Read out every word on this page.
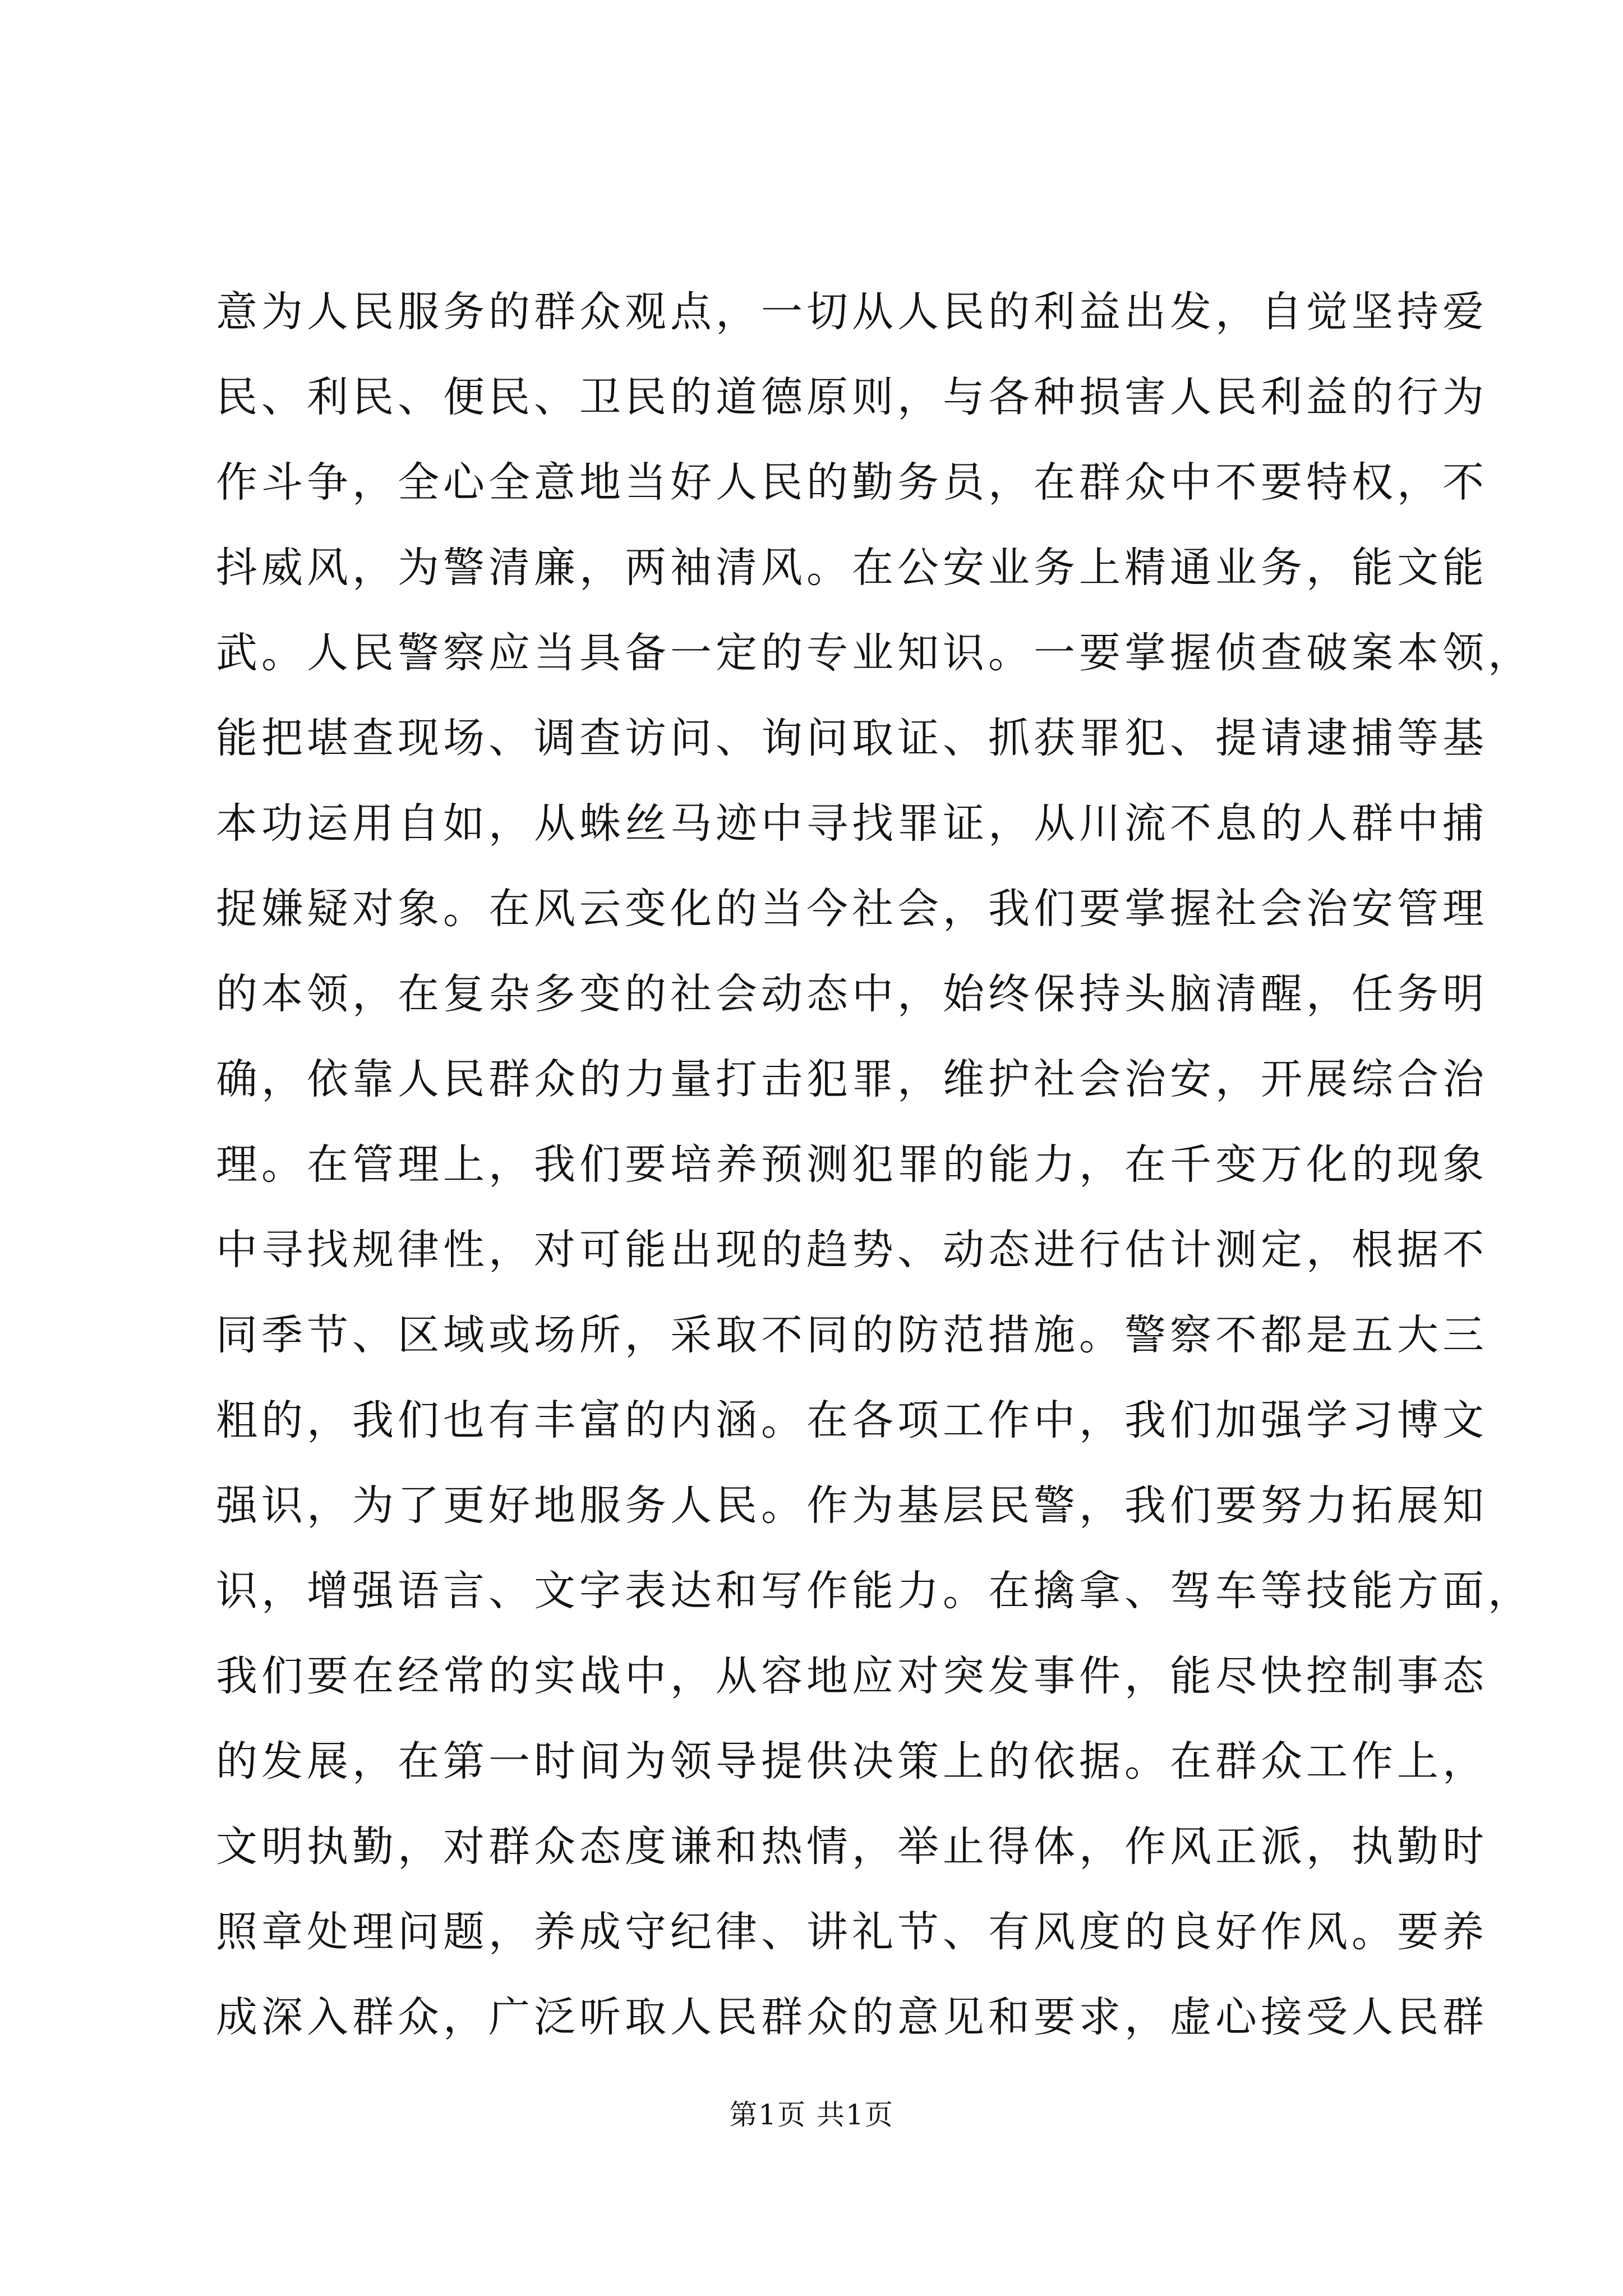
意为人民服务的群众观点，一切从人民的利益出发，自觉坚持爱
民、利民、便民、卫民的道德原则，与各种损害人民利益的行为
作斗争，全心全意地当好人民的勤务员，在群众中不要特权，不
抖威风，为警清廉，两袖清风。在公安业务上精通业务，能文能
武。人民警察应当具备一定的专业知识。一要掌握侦查破案本领，
能把堪查现场、调查访问、询问取证、抓获罪犯、提请逮捕等基
本功运用自如，从蛛丝马迹中寻找罪证，从川流不息的人群中捕
捉嫌疑对象。在风云变化的当今社会，我们要掌握社会治安管理
的本领，在复杂多变的社会动态中，始终保持头脑清醒，任务明
确，依靠人民群众的力量打击犯罪，维护社会治安，开展综合治
理。在管理上，我们要培养预测犯罪的能力，在千变万化的现象
中寻找规律性，对可能出现的趋势、动态进行估计测定，根据不
同季节、区域或场所，采取不同的防范措施。警察不都是五大三
粗的，我们也有丰富的内涵。在各项工作中，我们加强学习博文
强识，为了更好地服务人民。作为基层民警，我们要努力拓展知
识，增强语言、文字表达和写作能力。在擒拿、驾车等技能方面，
我们要在经常的实战中，从容地应对突发事件，能尽快控制事态
的发展，在第一时间为领导提供决策上的依据。在群众工作上，
文明执勤，对群众态度谦和热情，举止得体，作风正派，执勤时
照章处理问题，养成守纪律、讲礼节、有风度的良好作风。要养
成深入群众，广泛听取人民群众的意见和要求，虚心接受人民群
第1页 共1页
